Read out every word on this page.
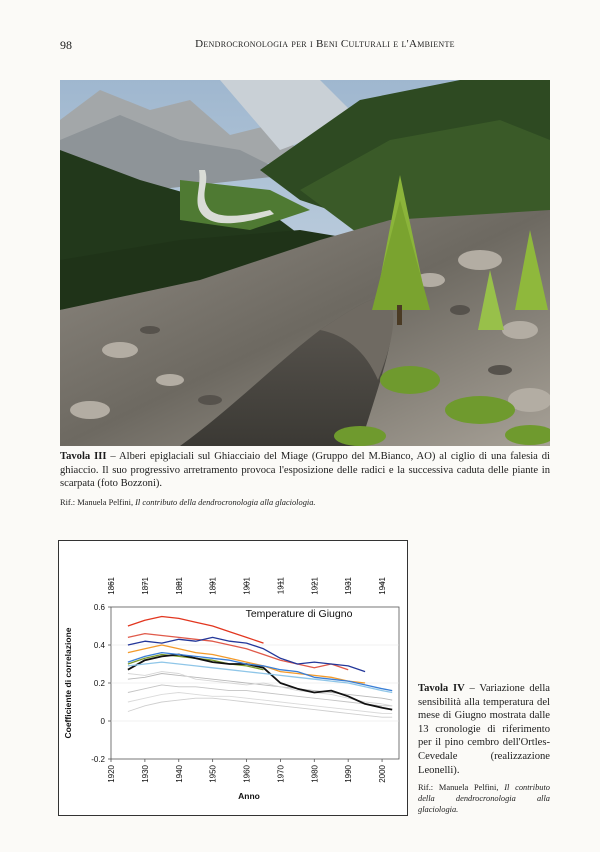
98	Dendrocronologia per i Beni Culturali e l'Ambiente
Tavola III – Alberi epiglaciali sul Ghiacciaio del Miage (Gruppo del M.Bianco, AO) al ciglio di una falesia di ghiaccio. Il suo progressivo arretramento provoca l'esposizione delle radici e la successiva caduta delle piante in scarpata (foto Bozzoni).
Rif.: Manuela Pelfini, Il contributo della dendrocronologia alla glaciologia.
1861	1871	1881	1891	1901	1911	1921	1931	1941
0.6
0.4
0.2
0
-0.2
1920	1930	1940	1950	1960	1970	1980	1990	2000
Temperature di Giugno
Anno
Coefficiente di correlazione	Tavola IV – Variazione della sensibilità alla temperatura del mese di Giugno mostrata dalle 13 cronologie di riferimento per il pino cembro dell'Ortles-Cevedale (realizzazione Leonelli).
Rif.: Manuela Pelfini, Il contributo della dendrocronologia alla glaciologia.
